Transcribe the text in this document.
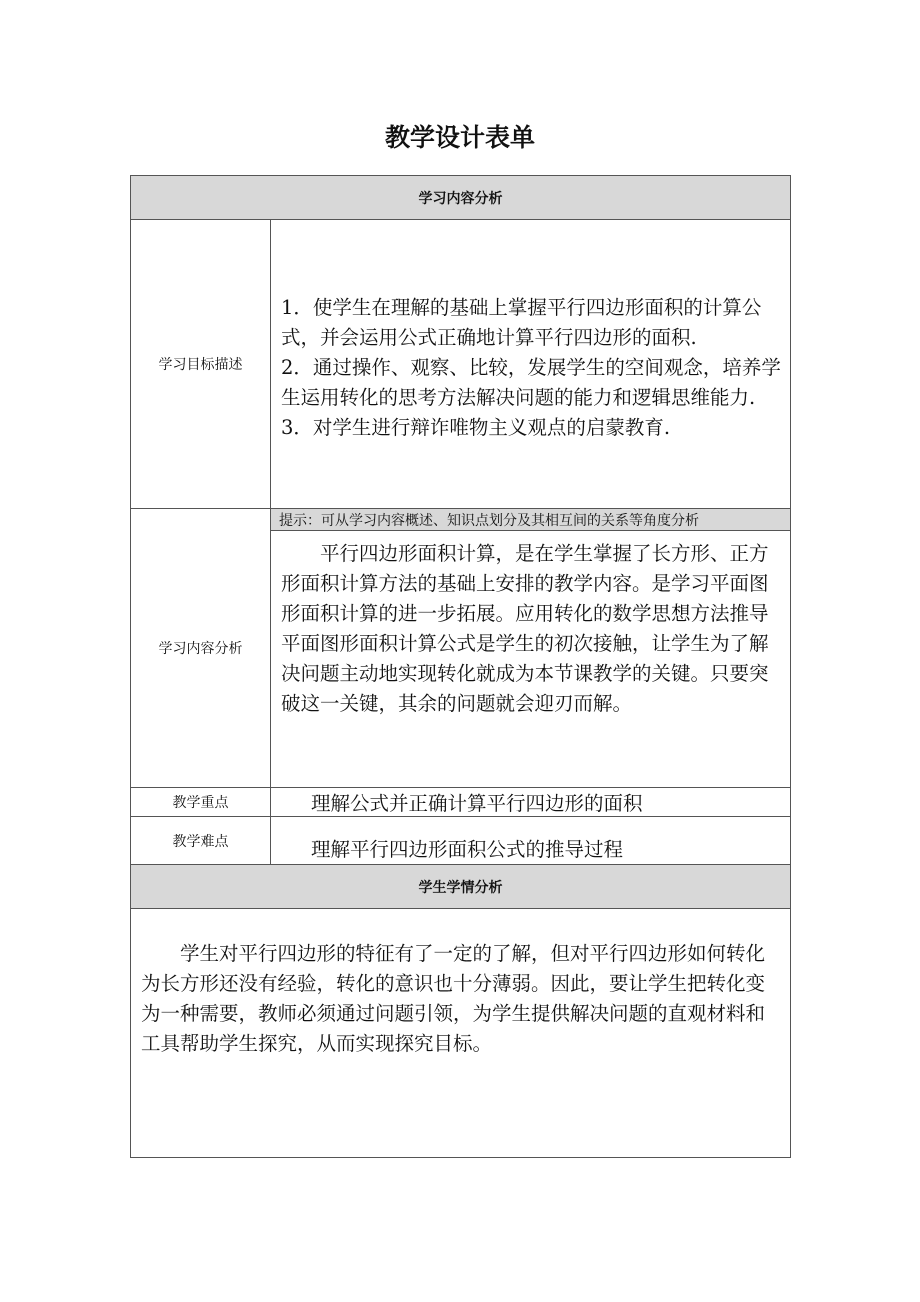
教学设计表单
学习内容分析	
学习目标描述	1．使学生在理解的基础上掌握平行四边形面积的计算公式，并会运用公式正确地计算平行四边形的面积.
2．通过操作、观察、比较，发展学生的空间观念，培养学生运用转化的思考方法解决问题的能力和逻辑思维能力.
3．对学生进行辩诈唯物主义观点的启蒙教育.

学习内容分析	提示：可从学习内容概述、知识点划分及其相互间的关系等角度分析

	平行四边形面积计算，是在学生掌握了长方形、正方形面积计算方法的基础上安排的教学内容。是学习平面图形面积计算的进一步拓展。应用转化的数学思想方法推导平面图形面积计算公式是学生的初次接触，让学生为了解决问题主动地实现转化就成为本节课教学的关键。只要突破这一关键，其余的问题就会迎刃而解。

教学重点	理解公式并正确计算平行四边形的面积
教学难点	理解平行四边形面积公式的推导过程
学生学情分析	

学生对平行四边形的特征有了一定的了解，但对平行四边形如何转化为长方形还没有经验，转化的意识也十分薄弱。因此，要让学生把转化变为一种需要，教师必须通过问题引领，为学生提供解决问题的直观材料和工具帮助学生探究，从而实现探究目标。	
